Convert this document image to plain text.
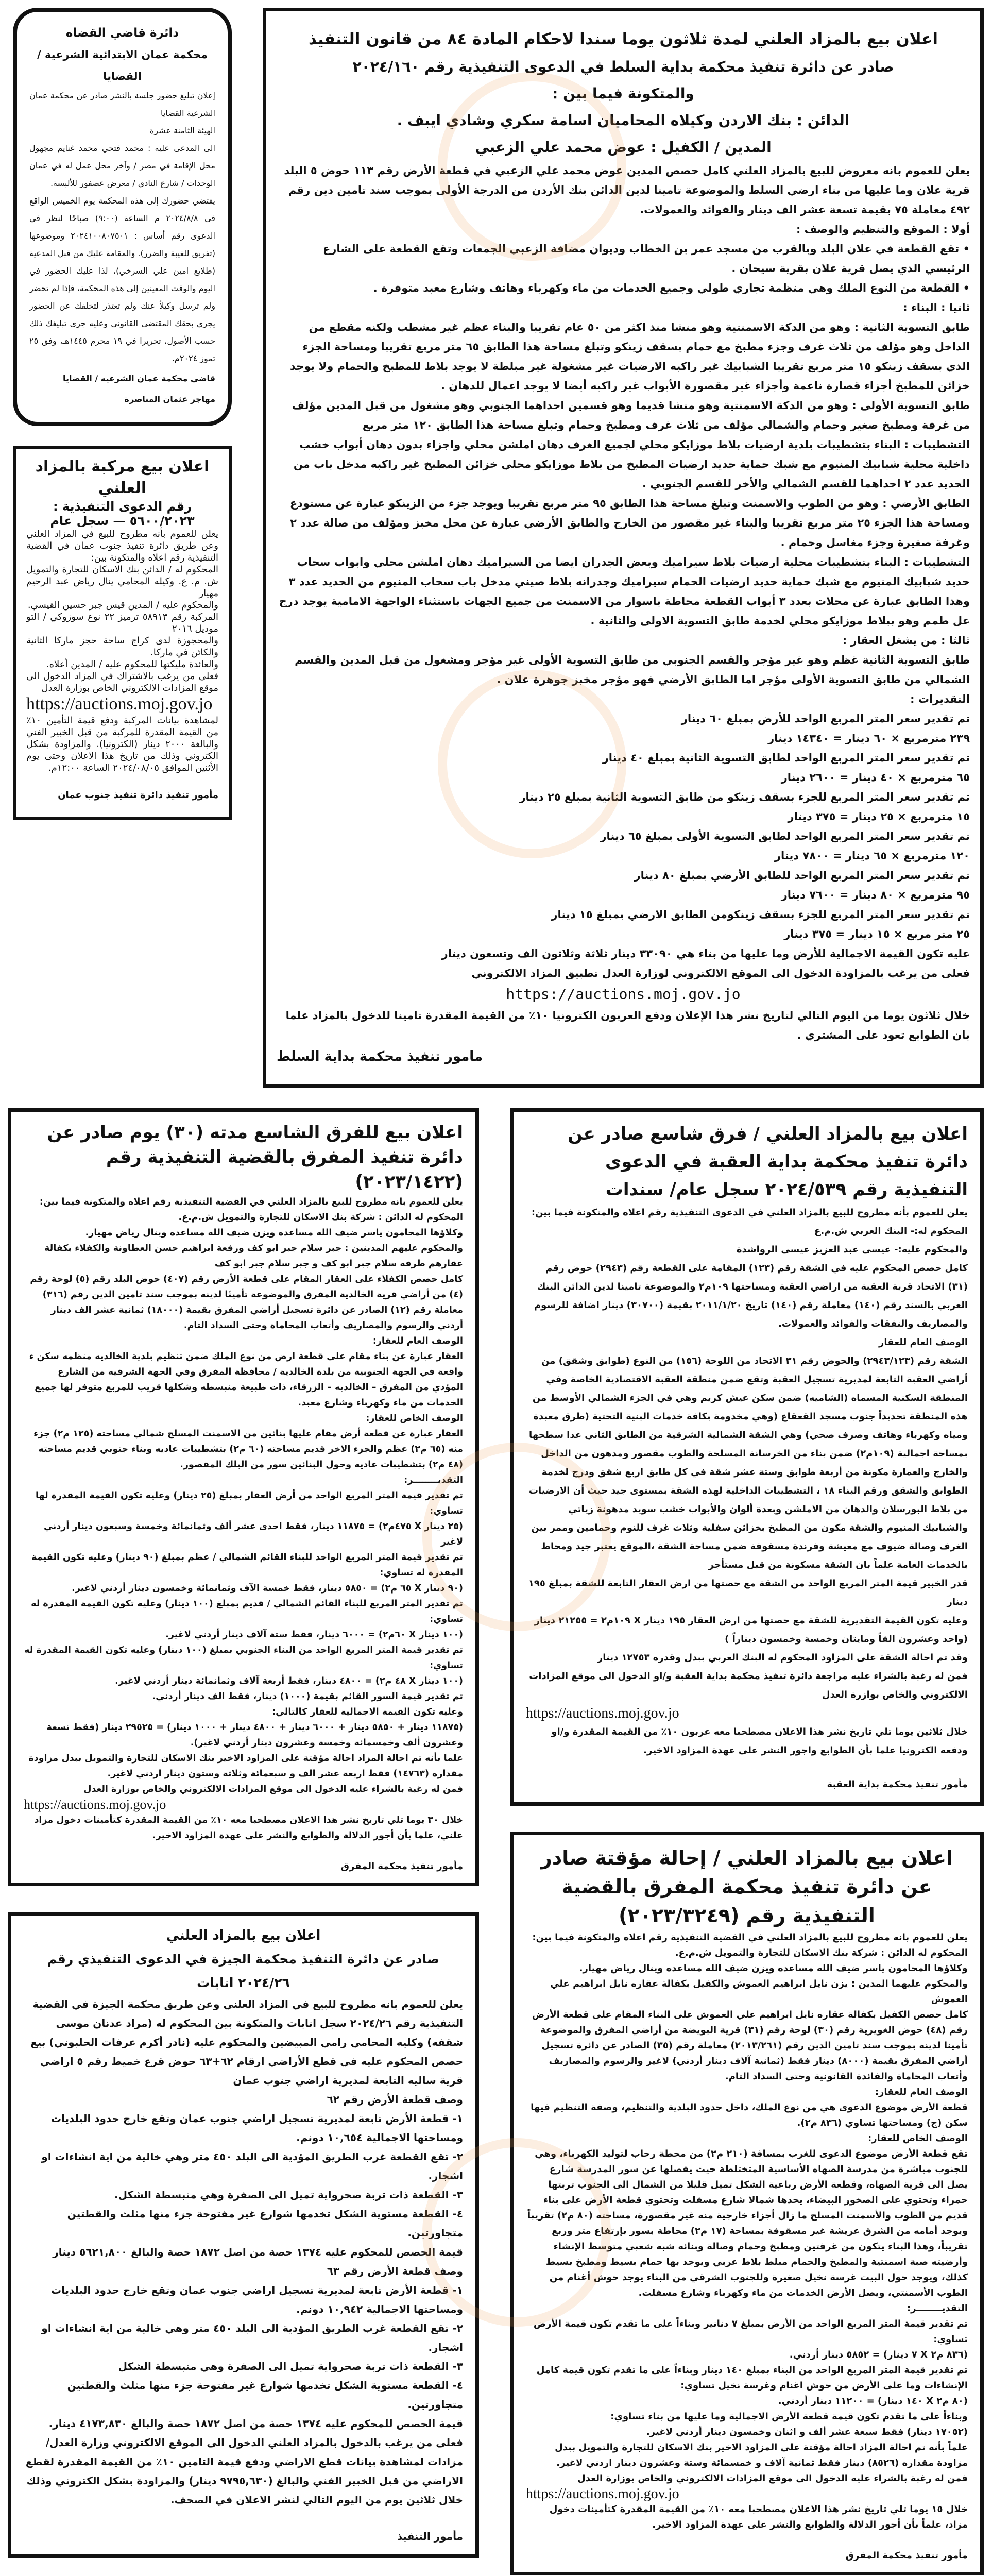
دائرة قاضي القضاه
محكمة عمان الابتدائية الشرعية / القضايا

إعلان تبليغ حضور جلسة بالنشر صادر عن محكمة عمان الشرعية القضايا

الهيئة الثامنة عشرة

الى المدعى عليه : محمد فتحي محمد غنايم مجهول محل الإقامة في مصر / وآخر محل عمل له في عمان الوحدات / شارع النادي / معرض عصفور للألبسة.

يقتضي حضورك إلى هذه المحكمة يوم الخميس الواقع في ٢٠٢٤/٨/٨ م الساعة (٩:٠٠) صباحًا لنظر في الدعوى رقم أساس : ٢٠٢٤١٠٠٨٠٧٥٠١ وموضوعها (تفريق للغيبة والضرر). والمقامة عليك من قبل المدعية (طلايع امين علي السرخي)، لذا عليك الحضور في اليوم والوقت المعينين إلى هذه المحكمة، فإذا لم تحضر ولم ترسل وكيلاً عنك ولم تعتذر لتخلفك عن الحضور يجري بحقك المقتضى القانوني وعليه جرى تبليغك ذلك حسب الأصول، تحريرا في ١٩ محرم ١٤٤٥هـ، وفق ٢٥ تموز ٢٠٢٤م.

قاضي محكمة عمان الشرعيه / القضايا

مهاجر عثمان المناصرة

اعلان بيع مركبة بالمزاد العلني
رقم الدعوى التنفيذية :
٥٦٠٠/٢٠٢٣ — سجل عام

يعلن للعموم بأنه مطروح للبيع في المزاد العلني وعن طريق دائرة تنفيذ جنوب عمان في القضية التنفيذية رقم اعلاه والمتكونة بين:

المحكوم له / الدائن بنك الاسكان للتجارة والتمويل ش. م. ع. وكيله المحامي ينال رياض عبد الرحيم مهيار

والمحكوم عليه / المدين قيس جبر حسين القيسي.

المركبة رقم ٥٨٩١٣ ترميز ٢٢ نوع سوزوكي / التو موديل ٢٠١٦

والمحجوزة لدى كراج ساحة حجز ماركا الثانية والكائن في ماركا.

والعائدة مليكتها للمحكوم عليه / المدين أعلاه.

فعلى من يرغب بالاشتراك في المزاد الدخول الى موقع المزادات الالكتروني الخاص بوزارة العدل

https://auctions.moj.gov.jo

لمشاهدة بيانات المركبة ودفع قيمة التأمين ١٠٪ من القيمة المقدرة للمركبة من قبل الخبير الفني والبالغة ٢٠٠٠ دينار (الكترونيا). والمزاودة بشكل الكتروني وذلك من تاريخ هذا الاعلان وحتى يوم الأثنين الموافق ٢٠٢٤/٠٨/٠٥ الساعة ١٢:٠٠م.

مأمور تنفيذ دائرة تنفيذ جنوب عمان

اعلان بيع بالمزاد العلني لمدة ثلاثون يوما سندا لاحكام المادة ٨٤ من قانون التنفيذ
صادر عن دائرة تنفيذ محكمة بداية السلط في الدعوى التنفيذية رقم ٢٠٢٤/١٦٠
والمتكونة فيما بين :
الدائن : بنك الاردن وكيلاه المحاميان اسامة سكري وشادي ايبف .
المدين / الكفيل : عوض محمد علي الزعبي

يعلن للعموم بانه معروض للبيع بالمزاد العلني كامل حصص المدين عوض محمد علي الزعبي في قطعة الأرض رقم ١١٣ حوض ٥ البلد قرية علان وما عليها من بناء ارضي السلط والموضوعة تامينا لدين الدائن بنك الأردن من الدرجة الأولى بموجب سند تامين دين رقم ٤٩٢ معاملة ٧٥ بقيمة تسعة عشر الف دينار والفوائد والعمولات.

أولا : الموقع والتنظيم والوصف :

• تقع القطعة في علان البلد وبالقرب من مسجد عمر بن الخطاب وديوان مضافة الزعبي الجمعات وتقع القطعة على الشارع الرئيسي الذي يصل قرية علان بقرية سيحان .

• القطعة من النوع الملك وهي منظمة تجاري طولي وجميع الخدمات من ماء وكهرباء وهاتف وشارع معبد متوفرة .

ثانيا : البناء :

طابق التسوية الثانية : وهو من الدكة الاسمنتية وهو منشا منذ اكثر من ٥٠ عام تقريبا والبناء عظم غير مشطب ولكنه مقطع من الداخل وهو مؤلف من ثلاث غرف وجزء مطبخ مع حمام بسقف زينكو وتبلغ مساحة هذا الطابق ٦٥ متر مربع تقريبا ومساحة الجزء الذي بسقف زينكو ١٥ متر مربع تقريبا الشبابيك غير راكبه الارضيات غير مشغولة غير مبلطة لا يوجد بلاط للمطبخ والحمام ولا يوجد خزائن للمطبخ أجزاء قصارة ناعمة وأجزاء غير مقصورة الأبواب غير راكبه أيضا لا يوجد اعمال للدهان .

طابق التسوية الأولى : وهو من الدكة الاسمنتية وهو منشا قديما وهو قسمين احداهما الجنوبي وهو مشغول من قبل المدين مؤلف من غرفة ومطبخ صغير وحمام والشمالي مؤلف من ثلاث غرف ومطبخ وحمام وتبلغ مساحة هذا الطابق ١٢٠ متر مربع

التشطيبات : البناء بتشطيبات بلدية ارضيات بلاط موزايكو محلي لجميع الغرف دهان املشن محلي واجزاء بدون دهان أبواب خشب داخلية محلية شبابيك المنيوم مع شبك حماية حديد ارضيات المطبخ من بلاط موزايكو محلي خزائن المطبخ غير راكبه مدخل باب من الحديد عدد ٢ احداهما للقسم الشمالي والأخر للقسم الجنوبي .

الطابق الأرضي : وهو من الطوب والاسمنت وتبلغ مساحة هذا الطابق ٩٥ متر مربع تقريبا ويوجد جزء من الزينكو عبارة عن مستودع ومساحة هذا الجزء ٢٥ متر مربع تقريبا والبناء غير مقصور من الخارج والطابق الأرضي عبارة عن محل مخبز ومؤلف من صالة عدد ٢ وغرفة صغيرة وجزء مغاسل وحمام .

التشطيبات : البناء بتشطيبات محلية ارضيات بلاط سيراميك وبعض الجدران ايضا من السيراميك دهان املشن محلي وابواب سحاب حديد شبابيك المنيوم مع شبك حماية حديد ارضيات الحمام سيراميك وجدرانه بلاط صيني مدخل باب سحاب المنيوم من الحديد عدد ٣ وهذا الطابق عبارة عن محلات بعدد ٣ أبواب القطعة محاطة باسوار من الاسمنت من جميع الجهات باستثناء الواجهة الامامية يوجد درج عل طمم وهو ببلاط موزايكو محلي لخدمة طابق التسوية الاولى والثانية .

ثالثا : من يشغل العقار :

طابق التسوية الثانية غظم وهو غير مؤجر والقسم الجنوبي من طابق التسوية الأولى غير مؤجر ومشغول من قبل المدين والقسم الشمالي من طابق التسوية الأولى مؤجر اما الطابق الأرضي فهو مؤجر مخبز جوهرة علان .

التقديرات :

تم تقدير سعر المتر المربع الواحد للأرض بمبلغ ٦٠ دينار

٢٣٩ مترمربع × ٦٠ دينار = ١٤٣٤٠ دينار

تم تقدير سعر المتر المربع الواحد لطابق التسوية الثانية بمبلغ ٤٠ دينار

٦٥ مترمربع × ٤٠ دينار = ٢٦٠٠ دينار

تم تقدير سعر المتر المربع للجزء بسقف زينكو من طابق التسوية الثانية بمبلغ ٢٥ دينار

١٥ مترمربع × ٢٥ دينار = ٣٧٥ دينار

تم تقدير سعر المتر المربع الواحد لطابق التسوية الأولى بمبلغ ٦٥ دينار

١٢٠ مترمربع × ٦٥ دينار = ٧٨٠٠ دينار

تم تقدير سعر المتر المربع الواحد للطابق الأرضي بمبلغ ٨٠ دينار

٩٥ مترمربع × ٨٠ دينار = ٧٦٠٠ دينار

تم تقدير سعر المتر المربع للجزء بسقف زينكومن الطابق الارضي بمبلغ ١٥ دينار

٢٥ متر مربع × ١٥ دينار = ٣٧٥ دينار

عليه تكون القيمة الاجمالية للأرض وما عليها من بناء هي ٣٣٠٩٠ دينار ثلاثة وثلاثون الف وتسعون دينار

فعلى من يرغب بالمزاودة الدخول الى الموقع الالكتروني لوزارة العدل تطبيق المزاد الالكتروني

https://auctions.moj.gov.jo

خلال ثلاثون يوما من اليوم التالي لتاريخ نشر هذا الإعلان ودفع العربون الكترونيا ١٠٪ من القيمة المقدرة تامينا للدخول بالمزاد علما بان الطوابع تعود على المشتري .

مامور تنفيذ محكمة بداية السلط

اعلان بيع للفرق الشاسع مدته (٣٠) يوم صادر عن دائرة تنفيذ المفرق بالقضية التنفيذية رقم (٢٠٢٣/١٤٢٢)

يعلن للعموم بانه مطروح للبيع بالمزاد العلني في القضية التنفيذية رقم اعلاه والمتكونة فيما بين:

المحكوم له الدائن : شركة بنك الاسكان للتجارة والتمويل ش.م.ع.

وكلاؤها المحامون ياسر ضيف الله مساعده ويزن ضيف الله مساعده وينال رياض مهيار.

والمحكوم عليهم المدينين : جبر سلام جبر ابو كف ورفعة ابراهيم حسن العطاونة والكفلاء بكفالة عقارهم طرفه سلام جبر ابو كف و جبر سلام جبر ابو كف

كامل حصص الكفلاء على العقار المقام على قطعة الأرض رقم (٤٠٧) حوض البلد رقم (٥) لوحة رقم (٤) من أراضي قرية الخالدية المفرق والموضوعة تأمينًا لدينه بموجب سند تامين الدين رقم (٣١٦) معاملة رقم (١٢) الصادر عن دائرة تسجيل أراضي المفرق بقيمة (١٨٠٠٠) ثمانية عشر الف دينار أردني والرسوم والمصاريف وأتعاب المحاماة وحتى السداد التام.

الوصف العام للعقار:

العقار عبارة عن بناء مقام على قطعة ارض من نوع الملك ضمن تنظيم بلدية الخالديه منظمه سكن ء واقعة في الجهة الجنوبية من بلدة الخالدية / محافظة المفرق وفي الجهة الشرقيه من الشارع المؤدي من المفرق – الخالديه – الزرقاء، ذات طبيعة منبسطه وشكلها قريب للمربع متوفر لها جميع الخدمات من ماء وكهرباء وشارع معبد.

الوصف الخاص للعقار:

العقار عبارة عن قطعة أرض مقام عليها بنائين من الاسمنت المسلح شمالي مساحته (١٢٥ م٢) جزء منه (٦٥ م٢) عظم والجزء الاخر قديم مساحته (٦٠ م٢) بتشطيبات عاديه وبناء جنوبي قديم مساحته (٤٨ م٢) بتشطيبات عاديه وحول البنائين سور من البلك المقصور.

التقديــــــــر:

تم تقدير قيمة المتر المربع الواحد من أرض العقار بمبلغ (٢٥ دينار) وعليه تكون القيمة المقدرة لها تساوي:

(٢٥ دينار X ٤٧٥م٢) = ١١٨٧٥ دينار، فقط احدى عشر ألف وثمانمائة وخمسة وسبعون دينار أردني لاغير

تم تقدير قيمة المتر المربع الواحد للبناء القائم الشمالي / عظم بمبلغ (٩٠ دينار) وعليه تكون القيمة المقدرة له تساوي:

(٩٠ دينار X ٦٥ م٢) = ٥٨٥٠ دينار، فقط خمسة الآف وثمانمائة وخمسون دينار أردني لاغير.

تم تقدير المتر المربع للبناء القائم الشمالي / قديم بمبلغ (١٠٠ دينار) وعليه تكون القيمة المقدرة له تساوي:

(١٠٠ دينار X ٦٠م٢) = ٦٠٠٠ دينار، فقط ستة آلاف دينار أردني لاغير.

تم تقدير قيمة المتر المربع الواحد من البناء الجنوبي بمبلغ (١٠٠ دينار) وعليه تكون القيمة المقدرة له تساوي:

(١٠٠ دينار X ٤٨ م٢) = ٤٨٠٠ دينار، فقط أربعة آلاف وثمانمائة دينار أردني لاغير.

تم تقدير قيمة السور القائم بقيمة (١٠٠٠) دينار، فقط الف دينار أردني.

وعليه تكون القيمة الاجمالية للعقار كالتالي:

(١١٨٧٥ دينار + ٥٨٥٠ دينار + ٦٠٠٠ دينار + ٤٨٠٠ دينار + ١٠٠٠ دينار) = ٢٩٥٢٥ دينار (فقط تسعة وعشرون ألف وخمسمائة وخمسة وعشرون دينار أردني لاغير).

علما بأنه تم احالة المزاد احالة مؤقتة على المزاود الاخير بنك الاسكان للتجارة والتمويل ببدل مزاودة مقداره (١٤٧٦٣) فقط اربعة عشر الف و سبعمائة وثلاثة وستون دينار اردني لاغير.

فمن له رغبة بالشراء عليه الدخول الى موقع المزادات الالكتروني والخاص بوزارة العدل

https://auctions.moj.gov.jo

خلال ٣٠ يوما تلي تاريخ نشر هذا الاعلان مصطحبا معه ١٠٪ من القيمة المقدرة كتأمينات دخول مزاد علني، علما بأن أجور الدلالة والطوابع والنشر على عهدة المزاود الاخير.

مأمور تنفيذ محكمة المفرق

اعلان بيع بالمزاد العلني
صادر عن دائرة التنفيذ محكمة الجيزة في الدعوى التنفيذي رقم
٢٠٢٤/٢٦ انابات

يعلن للعموم بانه مطروح للبيع في المزاد العلني وعن طريق محكمة الجيزة في القضية التنفيذية رقم ٢٠٢٤/٢٦ سجل انابات والمتكونة بين المحكوم له (مراد عدنان موسى شقفه) وكليه المحامي رامي المبيضين والمحكوم عليه (نادر أكرم عرفات الحلبوني) بيع حصص المحكوم عليه في قطع الأراضي ارقام ٦٢+٦٣ حوض قرع خميط رقم ٥ اراضي قرية ساليه التابعة لمديرية اراضي جنوب عمان

وصف قطعة الأرض رقم ٦٢

١- قطعة الأرض تابعة لمديرية تسجيل اراضي جنوب عمان وتقع خارج حدود البلديات ومساحتها الاجمالية ١٠,٦٥٤ دونم.

٢- تقع القطعة غرب الطريق المؤدية الى البلد ٤٥٠ متر وهي خالية من اية انشاءات او اشجار.

٣- القطعة ذات تربة صحرواية تميل الى الصفرة وهي منبسطة الشكل.

٤- القطعة مستوية الشكل تخدمها شوارع غير مفتوحة جزء منها مثلث والقطتين متجاورتين.

قيمة الحصص للمحكوم عليه ١٣٧٤ حصة من اصل ١٨٧٢ حصة والبالغ ٥٦٢١,٨٠٠ دينار

وصف قطعة الأرض رقم ٦٣

١- قطعة الأرض تابعة لمديرية تسجيل اراضي جنوب عمان وتقع خارج حدود البلديات ومساحتها الاجمالية ١٠,٩٤٢ دونم.

٢- تقع القطعة غرب الطريق المؤدية الى البلد ٤٥٠ متر وهي خالية من اية انشاءات او اشجار.

٣- القطعة ذات تربة صحرواية تميل الى الصفرة وهي منبسطة الشكل

٤- القطعة مستوية الشكل تخدمها شوارع غير مفتوحة جزء منها مثلث والقطتين متجاورتين.

قيمة الحصص للمحكوم عليه ١٣٧٤ حصة من اصل ١٨٧٢ حصة والبالغ ٤١٧٣,٨٣٠ دينار.

فعلى من يرغب بالدخول بالمزاد العلني الدخول الى الموقع الالكتروني وزارة العدل/ مزادات لمشاهدة بيانات قطع الاراضي ودفع قيمة التامين ١٠٪ من القيمة المقدرة لقطع الاراضي من قبل الخبير الفني والبالغ (٩٧٩٥,٦٣٠ دينار) والمزاودة بشكل الكتروني وذلك خلال ثلاثين يوم من اليوم التالي لنشر الاعلان في الصحف.

مأمور التنفيذ

اعلان بيع بالمزاد العلني / فرق شاسع صادر عن دائرة تنفيذ محكمة بداية العقبة في الدعوى التنفيذية رقم ٢٠٢٤/٥٣٩ سجل عام/ سندات

يعلن للعموم بأنه مطروح للبيع بالمزاد العلني في الدعوى التنفيذية رقم اعلاه والمتكونة فيما بين:

المحكوم له:- البنك العربي ش.م.ع

والمحكوم عليه:- عيسى عبد العزيز عيسى الرواشدة

كامل حصص المحكوم عليه في الشقة رقم (١٢٣) المقامة على القطعة رقم (٢٩٤٣) حوض رقم (٣١) الاتحاد قرية العقبة من اراضي العقبة ومساحتها ١٠٩م٢ والموضوعة تامينا لدين الدائن البنك العربي بالسند رقم (١٤٠) معاملة رقم (١٤٠) تاريخ ٢٠١١/١/٢٠ بقيمة (٣٠٧٠٠) دينار اضافة للرسوم والمصاريف والنفقات والفوائد والعمولات.

الوصف العام للعقار

الشقة رقم (٢٩٤٣/١٢٣) والحوض رقم ٣١ الاتحاد من اللوحة (١٥٦) من النوع (طوابق وشقق) من أراضي العقبة التابعة لمديرية تسجيل العقبة وتقع ضمن منطقة العقبة الاقتصادية الخاصة وفي المنطقة السكنية المسماه (الشاميه) ضمن سكن عيش كريم وهي في الجزء الشمالي الأوسط من هذه المنطقة تحديداً جنوب مسجد القعقاع (وهي مخدومة بكافة خدمات البنية التحتية (طرق معبدة ومياه وكهرباء وهاتف وصرف صحي) وهي الشقة الشمالية الشرقية من الطابق الثاني عدا سطحها بمساحة اجمالية (١٠٩م٢) ضمن بناء من الخرسانة المسلحة والطوب مقصور ومدهون من الداخل والخارج والعمارة مكونة من أربعة طوابق وستة عشر شقة في كل طابق اربع شقق ودرج لخدمة الطوابق والشقق ورقم البناء ١٨ ، التشطيبات الداخلية لهذه الشقة بمستوى جيد حيث أن الارضيات من بلاط البورسلان والدهان من الاملشن وبعدة ألوان والأبواب خشب سويد مدهونة زياتي والشبابيك المنيوم والشقة مكون من المطبخ بخزائن سفلية وثلاث غرف للنوم وحمامين وممر بين الغرف وصالة ضيوف مع معيشة وفرندة مسقوفة ضمن مساحة الشقة ،الموقع يعتبر جيد ومحاط بالخدمات العامة علماً بان الشقة مسكونة من قبل مستأجر

قدر الخبير قيمة المتر المربع الواحد من الشقة مع حصتها من ارض العقار التابعة للشقة بمبلغ ١٩٥ دينار

وعليه تكون القيمة التقديرية للشقة مع حصتها من ارض العقار ١٩٥ دينار X ١٠٩م٢ = ٢١٢٥٥ دينار

(واحد وعشرون الفاً ومايتان وخمسة وخمسون ديناراً )

وقد تم احالة الشقة على المزاود المحكوم له البنك العربي ببدل وقدره ١٢٧٥٣ دينار

فمن له رغبة بالشراء عليه مراجعة دائرة تنفيذ محكمة بداية العقبة و/او الدخول الى موقع المزادات الالكتروني والخاص بوازرة العدل

https://auctions.moj.gov.jo

خلال ثلاثين يوما تلي تاريخ نشر هذا الاعلان مصطحبا معه عربون ١٠٪ من القيمة المقدرة و/او ودفعه الكترونيا علما بأن الطوابع واجور النشر على عهدة المزاود الاخير.

مأمور تنفيذ محكمة بداية العقبة

اعلان بيع بالمزاد العلني / إحالة مؤقتة صادر عن دائرة تنفيذ محكمة المفرق بالقضية التنفيذية رقم (٢٠٢٣/٣٢٤٩)

يعلن للعموم بانه مطروح للبيع بالمزاد العلني في القضية التنفيذية رقم اعلاه والمتكونة فيما بين:

المحكوم له الدائن : شركة بنك الاسكان للتجارة والتمويل ش.م.ع.

وكلاؤها المحامون ياسر ضيف الله مساعده ويزن ضيف الله مساعده وينال رياض مهيار.

والمحكوم عليهما المدين : يزن نايل ابراهيم العموش والكفيل بكفالة عقاره نايل ابراهيم علي العموش

كامل حصص الكفيل بكفالة عقاره نايل ابراهيم علي العموش على البناء المقام على قطعة الأرض رقم (٤٨) حوض الغويرية رقم (٣٠) لوحة رقم (٣١) قرية البويضة من أراضي المفرق والموضوعة تأمينا لدينه بموجب سند تامين الدين رقم (٢٠١٣/٢٦١) معاملة رقم (٣٥) الصادر عن دائرة تسجيل أراضي المفرق بقيمة (٨٠٠٠) دينار فقط (ثمانية آلاف دينار أردني) لاغير والرسوم والمصاريف وأتعاب المحاماة والفائدة القانونية وحتى السداد التام.

الوصف العام للعقار:

قطعة الأرض موضوع الدعوى هي من نوع الملك، داخل حدود البلدية والتنظيم، وصفة التنظيم فيها سكن (ج) ومساحتها تساوي (٨٣٦ م٢).

الوصف الخاص للعقار:

تقع قطعة الأرض موضوع الدعوى للغرب بمسافة (٢١٠ م٢) من محطة رحاب لتوليد الكهرباء، وهي للجنوب مباشرة من مدرسة الصهاه الأساسية المتختلطة حيث يفصلها عن سور المدرسة شارع يصل الى قرية الصهاه، وقطعة الأرض رباعية الشكل تميل قليلا من الشمال الى الجنوب تربتها حمراء وتحتوي على الصخور البيضاء، يحدها شمالا شارع مسفلت وتحتوي قطعة الأرض على بناء قديم من الطوب والأسمنت المسلح ما زال أجزاء خارجية منه غير مقصورة، مساحته (٨٠ م٢) تقريباً ويوجد أمامه من الشرق عريشة غير مسقوفة بمساحة (١٧ م٢) محاطة بسور بإرتفاع متر وربع تقريباً، وهذا البناء يتكون من غرفتين ومطبخ وحمام وصالة وبنائه شبه شعبي متوسط الإنشاء وأرضيته صبة اسمنتية والمطبخ والحمام مبلط بلاط عربي ويوجد بها حمام بسيط ومطبخ بسيط كذلك، ويوجد حول البيت غرسة نخيل صغيرة وللجنوب الشرقي من البناء يوجد حوش أغنام من الطوب الأسمنتي، ويصل الأرض الخدمات من ماء وكهرباء وشارع مسفلت.

التقديــــــــر:

تم تقدير قيمة المتر المربع الواحد من الأرض بمبلغ ٧ دنانير وبناءاً على ما تقدم تكون قيمة الأرض تساوي:

(٨٣٦ م٢ X ٧ دينار) = ٥٨٥٢ دينار أردني.

تم تقدير قيمة المتر المربع الواحد من البناء بمبلغ ١٤٠ دينار وبناءاً على ما تقدم تكون قيمة كامل الإنشاءات وما على الأرض من حوش اغنام وغرسة نخيل تساوي:

(٨٠ م٢ X ١٤٠ دينار) = ١١٢٠٠ دينار أردني.

وبناءاً على ما تقدم تكون قيمة قطعة الأرض الاجمالية وما عليها من بناء تساوي:

(١٧٠٥٢ دينار) فقط سبعة عشر ألف و اثنان وخمسون دينار أردني لاغير.

علماً بأنه تم احالة المزاد احالة مؤقتة على المزاود الاخير بنك الاسكان للتجارة والتمويل ببدل مزاودة مقداره (٨٥٢٦) دينار فقط ثمانية آلاف و خمسمائة وستة وعشرون دينار اردني لاغير.

فمن له رغبة بالشراء عليه الدخول الى موقع المزادات الالكتروني والخاص بوزارة العدل

https://auctions.moj.gov.jo

خلال ١٥ يوما تلي تاريخ نشر هذا الاعلان مصطحبا معه ١٠٪ من القيمة المقدرة كتأمينات دخول مزاد، علماً بأن أجور الدلالة والطوابع والنشر على عهدة المزاود الاخير.

مأمور تنفيذ محكمة المفرق
